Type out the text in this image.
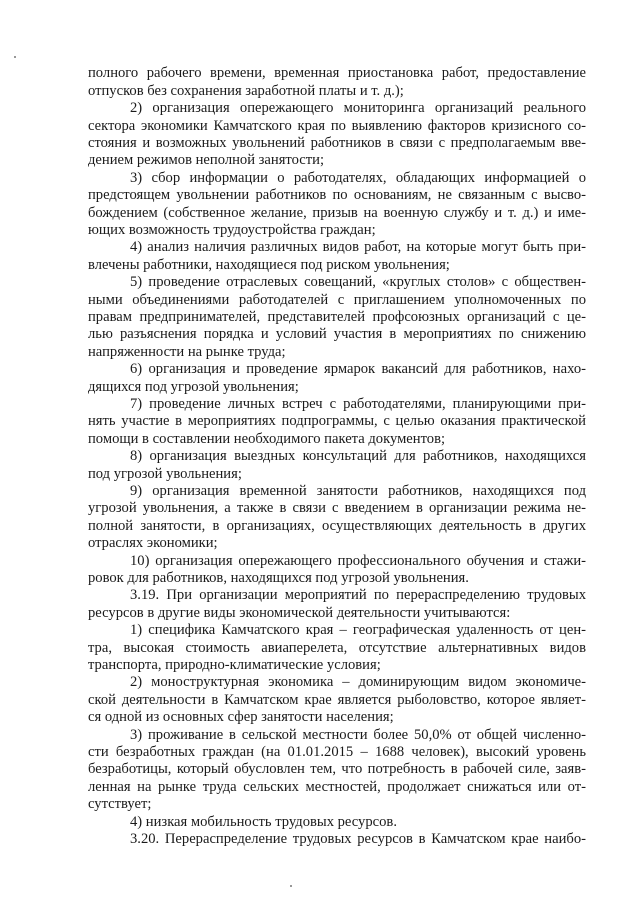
полного рабочего времени, временная приостановка работ, предоставление
отпусков без сохранения заработной платы и т. д.);
2) организация опережающего мониторинга организаций реального
сектора экономики Камчатского края по выявлению факторов кризисного со-
стояния и возможных увольнений работников в связи с предполагаемым вве-
дением режимов неполной занятости;
3) сбор информации о работодателях, обладающих информацией о
предстоящем увольнении работников по основаниям, не связанным с высво-
бождением (собственное желание, призыв на военную службу и т. д.) и име-
ющих возможность трудоустройства граждан;
4) анализ наличия различных видов работ, на которые могут быть при-
влечены работники, находящиеся под риском увольнения;
5) проведение отраслевых совещаний, «круглых столов» с обществен-
ными объединениями работодателей с приглашением уполномоченных по
правам предпринимателей, представителей профсоюзных организаций с це-
лью разъяснения порядка и условий участия в мероприятиях по снижению
напряженности на рынке труда;
6) организация и проведение ярмарок вакансий для работников, нахо-
дящихся под угрозой увольнения;
7) проведение личных встреч с работодателями, планирующими при-
нять участие в мероприятиях подпрограммы, с целью оказания практической
помощи в составлении необходимого пакета документов;
8) организация выездных консультаций для работников, находящихся
под угрозой увольнения;
9) организация временной занятости работников, находящихся под
угрозой увольнения, а также в связи с введением в организации режима не-
полной занятости, в организациях, осуществляющих деятельность в других
отраслях экономики;
10) организация опережающего профессионального обучения и стажи-
ровок для работников, находящихся под угрозой увольнения.
3.19. При организации мероприятий по перераспределению трудовых
ресурсов в другие виды экономической деятельности учитываются:
1) специфика Камчатского края – географическая удаленность от цен-
тра, высокая стоимость авиаперелета, отсутствие альтернативных видов
транспорта, природно-климатические условия;
2) моноструктурная экономика – доминирующим видом экономиче-
ской деятельности в Камчатском крае является рыболовство, которое являет-
ся одной из основных сфер занятости населения;
3) проживание в сельской местности более 50,0% от общей численно-
сти безработных граждан (на 01.01.2015 – 1688 человек), высокий уровень
безработицы, который обусловлен тем, что потребность в рабочей силе, заяв-
ленная на рынке труда сельских местностей, продолжает снижаться или от-
сутствует;
4) низкая мобильность трудовых ресурсов.
3.20. Перераспределение трудовых ресурсов в Камчатском крае наибо-
